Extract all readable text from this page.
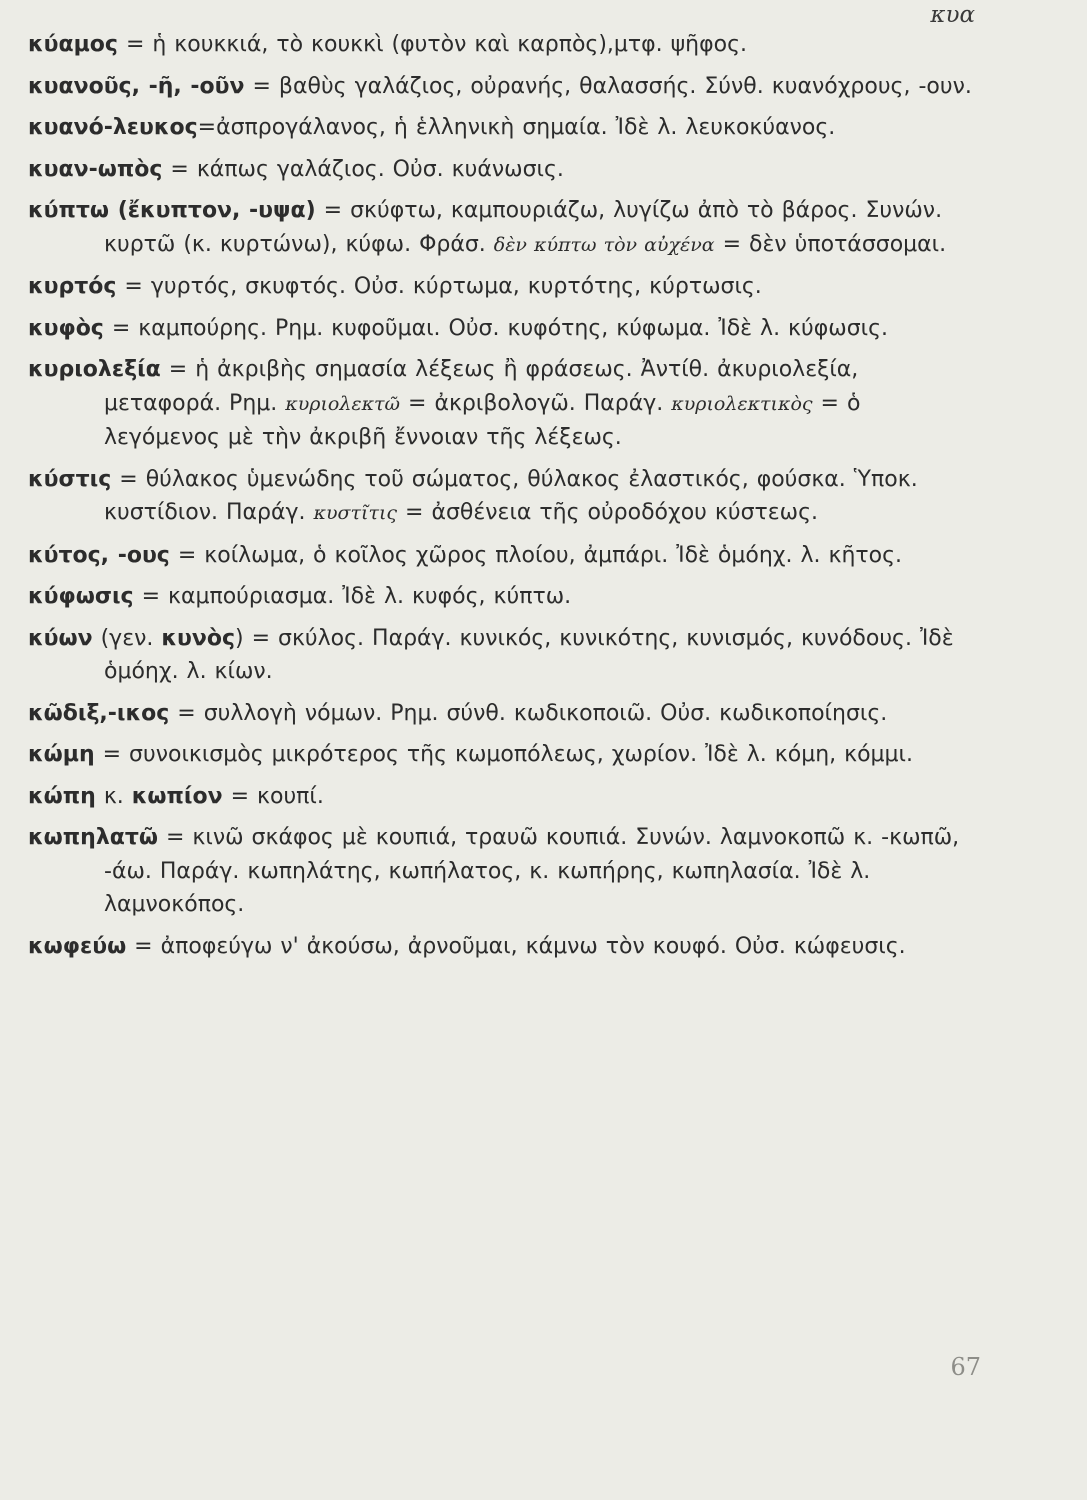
κυα

κύαμος = ἡ κουκκιά, τὸ κουκκὶ (φυτὸν καὶ καρπὸς),μτφ. ψῆφος.

κυανοῦς, -ῆ, -οῦν = βαθὺς γαλάζιος, οὐρανής, θαλασσής. Σύνθ. κυανόχρους, -ουν.

κυανό-λευκος=ἀσπρογάλανος, ἡ ἑλληνικὴ σημαία. Ἰδὲ λ. λευκοκύανος.

κυαν-ωπὸς = κάπως γαλάζιος. Οὐσ. κυάνωσις.

κύπτω (ἔκυπτον, -υψα) = σκύφτω, καμπουριάζω, λυγίζω ἀπὸ τὸ βάρος. Συνών. κυρτῶ (κ. κυρτώνω), κύφω. Φράσ. δὲν κύπτω τὸν αὐχένα = δὲν ὑποτάσσομαι.

κυρτός = γυρτός, σκυφτός. Οὐσ. κύρτωμα, κυρτότης, κύρτωσις.

κυφὸς = καμπούρης. Ρημ. κυφοῦμαι. Οὐσ. κυφότης, κύφωμα. Ἰδὲ λ. κύφωσις.

κυριολεξία = ἡ ἀκριβὴς σημασία λέξεως ἢ φράσεως. Ἀντίθ. ἀκυριολεξία, μεταφορά. Ρημ. κυριολεκτῶ = ἀκριβολογῶ. Παράγ. κυριολεκτικὸς = ὁ λεγόμενος μὲ τὴν ἀκριβῆ ἔννοιαν τῆς λέξεως.

κύστις = θύλακος ὑμενώδης τοῦ σώματος, θύλακος ἐλαστικός, φούσκα. Ὑποκ. κυστίδιον. Παράγ. κυστῖτις = ἀσθένεια τῆς οὐροδόχου κύστεως.

κύτος, -ους = κοίλωμα, ὁ κοῖλος χῶρος πλοίου, ἀμπάρι. Ἰδὲ ὁμόηχ. λ. κῆτος.

κύφωσις = καμπούριασμα. Ἰδὲ λ. κυφός, κύπτω.

κύων (γεν. κυνὸς) = σκύλος. Παράγ. κυνικός, κυνικότης, κυνισμός, κυνόδους. Ἰδὲ ὁμόηχ. λ. κίων.

κῶδιξ,-ικος = συλλογὴ νόμων. Ρημ. σύνθ. κωδικοποιῶ. Οὐσ. κωδικοποίησις.

κώμη = συνοικισμὸς μικρότερος τῆς κωμοπόλεως, χωρίον. Ἰδὲ λ. κόμη, κόμμι.

κώπη κ. κωπίον = κουπί.

κωπηλατῶ = κινῶ σκάφος μὲ κουπιά, τραυῶ κουπιά. Συνών. λαμνοκοπῶ κ. -κωπῶ, -άω. Παράγ. κωπηλάτης, κωπήλατος, κ. κωπήρης, κωπηλασία. Ἰδὲ λ. λαμνοκόπος.

κωφεύω = ἀποφεύγω ν' ἀκούσω, ἀρνοῦμαι, κάμνω τὸν κουφό. Οὐσ. κώφευσις.

67
